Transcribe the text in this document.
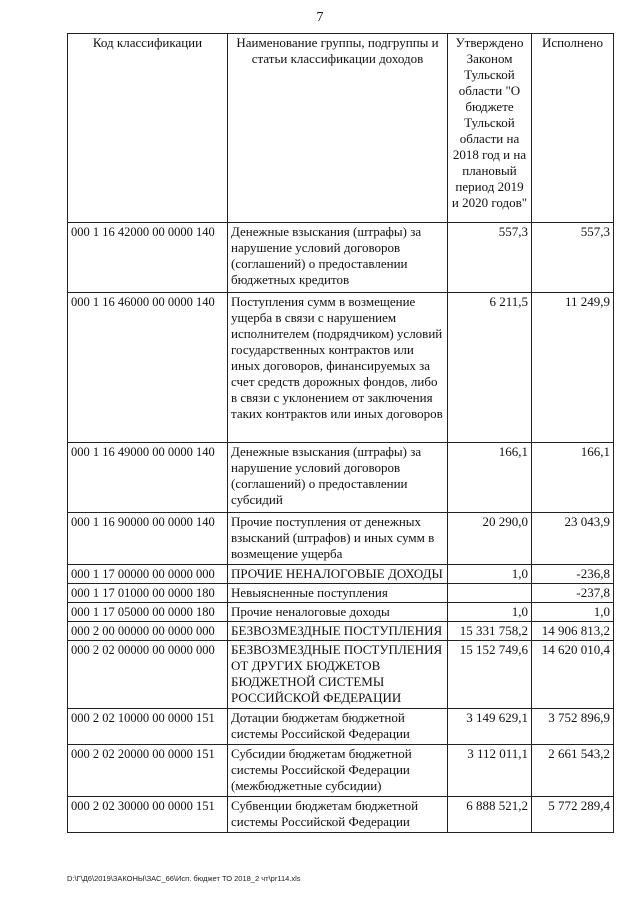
7
Код классификации	Наименование группы, подгруппы и статьи классификации доходов	Утверждено Законом Тульской области "О бюджете Тульской области на 2018 год и на плановый период 2019 и 2020 годов"	Исполнено
000 1 16 42000 00 0000 140	Денежные взыскания (штрафы) за нарушение условий договоров (соглашений) о предоставлении бюджетных кредитов	557,3	557,3
000 1 16 46000 00 0000 140	Поступления сумм в возмещение ущерба в связи с нарушением исполнителем (подрядчиком) условий государственных контрактов или иных договоров, финансируемых за счет средств дорожных фондов, либо в связи с уклонением от заключения таких контрактов или иных договоров	6 211,5	11 249,9
000 1 16 49000 00 0000 140	Денежные взыскания (штрафы) за нарушение условий договоров (соглашений) о предоставлении субсидий	166,1	166,1
000 1 16 90000 00 0000 140	Прочие поступления от денежных взысканий (штрафов) и иных сумм в возмещение ущерба	20 290,0	23 043,9
000 1 17 00000 00 0000 000	ПРОЧИЕ НЕНАЛОГОВЫЕ ДОХОДЫ	1,0	-236,8
000 1 17 01000 00 0000 180	Невыясненные поступления		-237,8
000 1 17 05000 00 0000 180	Прочие неналоговые доходы	1,0	1,0
000 2 00 00000 00 0000 000	БЕЗВОЗМЕЗДНЫЕ ПОСТУПЛЕНИЯ	15 331 758,2	14 906 813,2
000 2 02 00000 00 0000 000	БЕЗВОЗМЕЗДНЫЕ ПОСТУПЛЕНИЯ ОТ ДРУГИХ БЮДЖЕТОВ БЮДЖЕТНОЙ СИСТЕМЫ РОССИЙСКОЙ ФЕДЕРАЦИИ	15 152 749,6	14 620 010,4
000 2 02 10000 00 0000 151	Дотации бюджетам бюджетной системы Российской Федерации	3 149 629,1	3 752 896,9
000 2 02 20000 00 0000 151	Субсидии бюджетам бюджетной системы Российской Федерации (межбюджетные субсидии)	3 112 011,1	2 661 543,2
000 2 02 30000 00 0000 151	Субвенции бюджетам бюджетной системы Российской Федерации	6 888 521,2	5 772 289,4
D:\Г\Д6\2019\ЗАКОНЫ\ЗАС_66\Исп. бюджет ТО 2018_2 чт\pr114.xls
